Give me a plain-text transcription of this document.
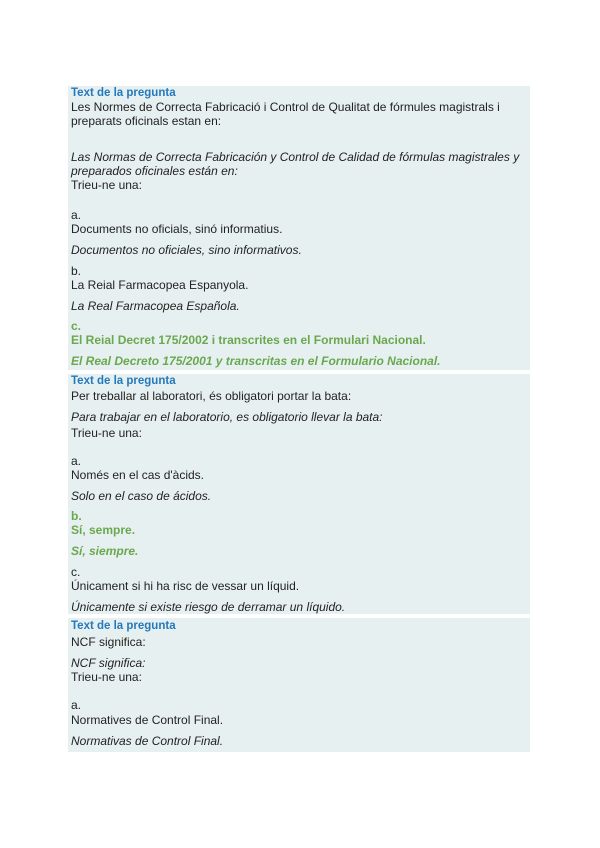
Text de la pregunta
Les Normes de Correcta Fabricació i Control de Qualitat de fórmules magistrals i preparats oficinals estan en:
Las Normas de Correcta Fabricación y Control de Calidad de fórmulas magistrales y preparados oficinales están en:
Trieu-ne una:
a.
Documents no oficials, sinó informatius.
Documentos no oficiales, sino informativos.
b.
La Reial Farmacopea Espanyola.
La Real Farmacopea Española.
c.
El Reial Decret 175/2002 i transcrites en el Formulari Nacional.
El Real Decreto 175/2001 y transcritas en el Formulario Nacional.
Text de la pregunta
Per treballar al laboratori, és obligatori portar la bata:
Para trabajar en el laboratorio, es obligatorio llevar la bata:
Trieu-ne una:
a.
Només en el cas d'àcids.
Solo en el caso de ácidos.
b.
Sí, sempre.
Sí, siempre.
c.
Únicament si hi ha risc de vessar un líquid.
Únicamente si existe riesgo de derramar un líquido.
Text de la pregunta
NCF significa:
NCF significa:
Trieu-ne una:
a.
Normatives de Control Final.
Normativas de Control Final.
